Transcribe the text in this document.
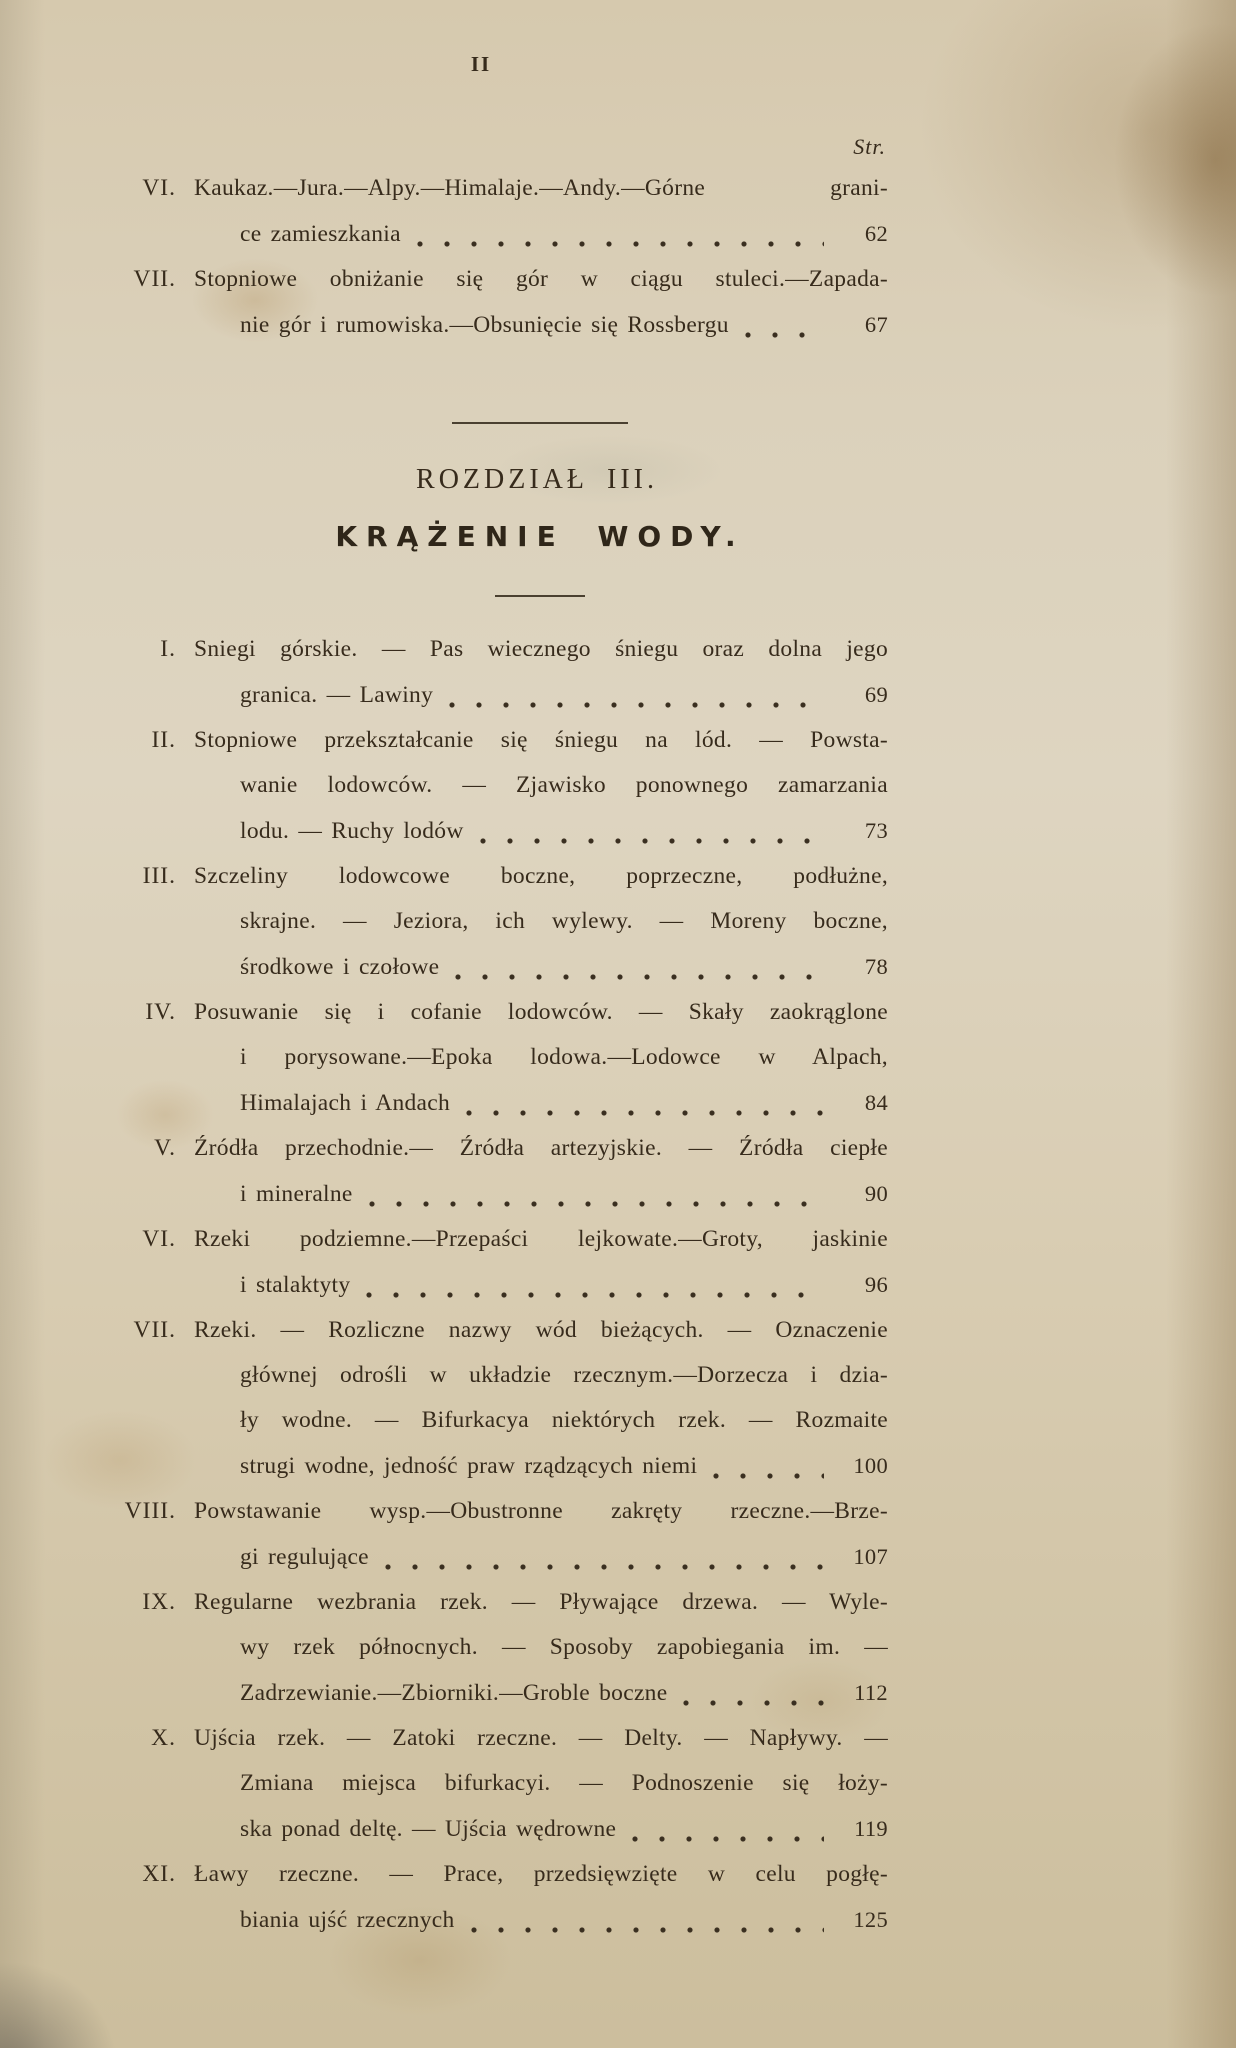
II
Str.
VI. Kaukaz.—Jura.—Alpy.—Himalaje.—Andy.—Górne grani-
ce zamieszkania	62
VII. Stopniowe obniżanie się gór w ciągu stuleci.—Zapada-
nie gór i rumowiska.—Obsunięcie się Rossbergu	67
ROZDZIAŁ III.
KRĄŻENIE WODY.
I. Sniegi górskie. — Pas wiecznego śniegu oraz dolna jego
granica. — Lawiny	69
II. Stopniowe przekształcanie się śniegu na lód. — Powsta-
wanie lodowców. — Zjawisko ponownego zamarzania
lodu. — Ruchy lodów	73
III. Szczeliny lodowcowe boczne, poprzeczne, podłużne,
skrajne. — Jeziora, ich wylewy. — Moreny boczne,
środkowe i czołowe	78
IV. Posuwanie się i cofanie lodowców. — Skały zaokrąglone
i porysowane.—Epoka lodowa.—Lodowce w Alpach,
Himalajach i Andach	84
V. Źródła przechodnie.— Źródła artezyjskie. — Źródła ciepłe
i mineralne	90
VI. Rzeki podziemne.—Przepaści lejkowate.—Groty, jaskinie
i stalaktyty	96
VII. Rzeki. — Rozliczne nazwy wód bieżących. — Oznaczenie
głównej odrośli w układzie rzecznym.—Dorzecza i dzia-
ły wodne. — Bifurkacya niektórych rzek. — Rozmaite
strugi wodne, jedność praw rządzących niemi	100
VIII. Powstawanie wysp.—Obustronne zakręty rzeczne.—Brze-
gi regulujące	107
IX. Regularne wezbrania rzek. — Pływające drzewa. — Wyle-
wy rzek północnych. — Sposoby zapobiegania im. —
Zadrzewianie.—Zbiorniki.—Groble boczne	112
X. Ujścia rzek. — Zatoki rzeczne. — Delty. — Napływy. —
Zmiana miejsca bifurkacyi. — Podnoszenie się łoży-
ska ponad deltę. — Ujścia wędrowne	119
XI. Ławy rzeczne. — Prace, przedsięwzięte w celu pogłę-
biania ujść rzecznych	125
